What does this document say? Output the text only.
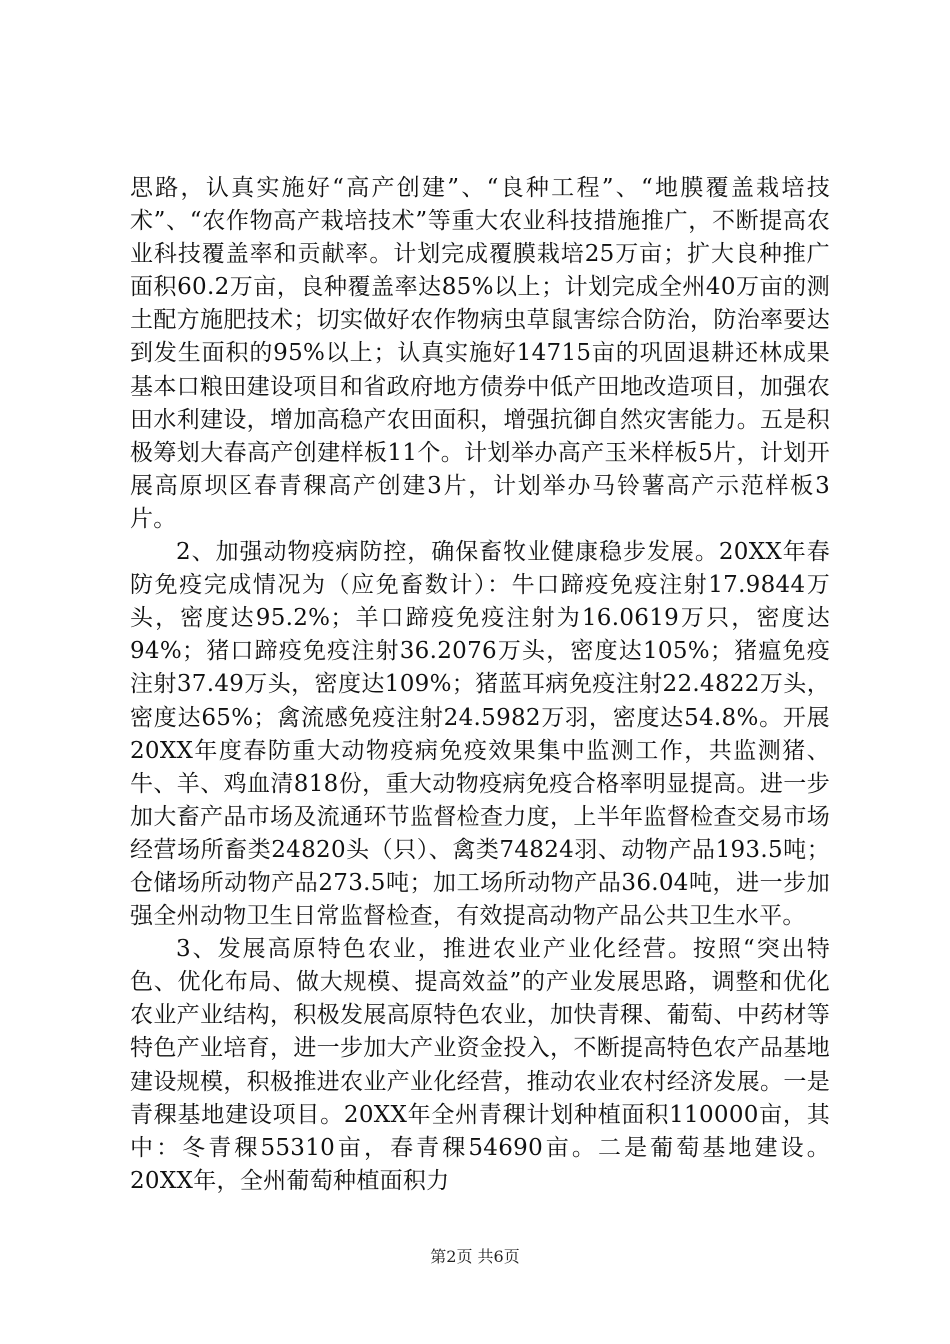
思路，认真实施好“高产创建”、“良种工程”、“地膜覆盖栽培技术”、“农作物高产栽培技术”等重大农业科技措施推广，不断提高农业科技覆盖率和贡献率。计划完成覆膜栽培25万亩；扩大良种推广面积60.2万亩，良种覆盖率达85%以上；计划完成全州40万亩的测土配方施肥技术；切实做好农作物病虫草鼠害综合防治，防治率要达到发生面积的95%以上；认真实施好14715亩的巩固退耕还林成果基本口粮田建设项目和省政府地方债券中低产田地改造项目，加强农田水利建设，增加高稳产农田面积，增强抗御自然灾害能力。五是积极筹划大春高产创建样板11个。计划举办高产玉米样板5片，计划开展高原坝区春青稞高产创建3片，计划举办马铃薯高产示范样板3片。

2、加强动物疫病防控，确保畜牧业健康稳步发展。20XX年春防免疫完成情况为（应免畜数计）：牛口蹄疫免疫注射17.9844万头，密度达95.2%；羊口蹄疫免疫注射为16.0619万只，密度达94%；猪口蹄疫免疫注射36.2076万头，密度达105%；猪瘟免疫注射37.49万头，密度达109%；猪蓝耳病免疫注射22.4822万头，密度达65%；禽流感免疫注射24.5982万羽，密度达54.8%。开展20XX年度春防重大动物疫病免疫效果集中监测工作，共监测猪、牛、羊、鸡血清818份，重大动物疫病免疫合格率明显提高。进一步加大畜产品市场及流通环节监督检查力度，上半年监督检查交易市场经营场所畜类24820头（只）、禽类74824羽、动物产品193.5吨；仓储场所动物产品273.5吨；加工场所动物产品36.04吨，进一步加强全州动物卫生日常监督检查，有效提高动物产品公共卫生水平。

3、发展高原特色农业，推进农业产业化经营。按照“突出特色、优化布局、做大规模、提高效益”的产业发展思路，调整和优化农业产业结构，积极发展高原特色农业，加快青稞、葡萄、中药材等特色产业培育，进一步加大产业资金投入，不断提高特色农产品基地建设规模，积极推进农业产业化经营，推动农业农村经济发展。一是青稞基地建设项目。20XX年全州青稞计划种植面积110000亩，其中：冬青稞55310亩，春青稞54690亩。二是葡萄基地建设。20XX年，全州葡萄种植面积力

第2页 共6页
